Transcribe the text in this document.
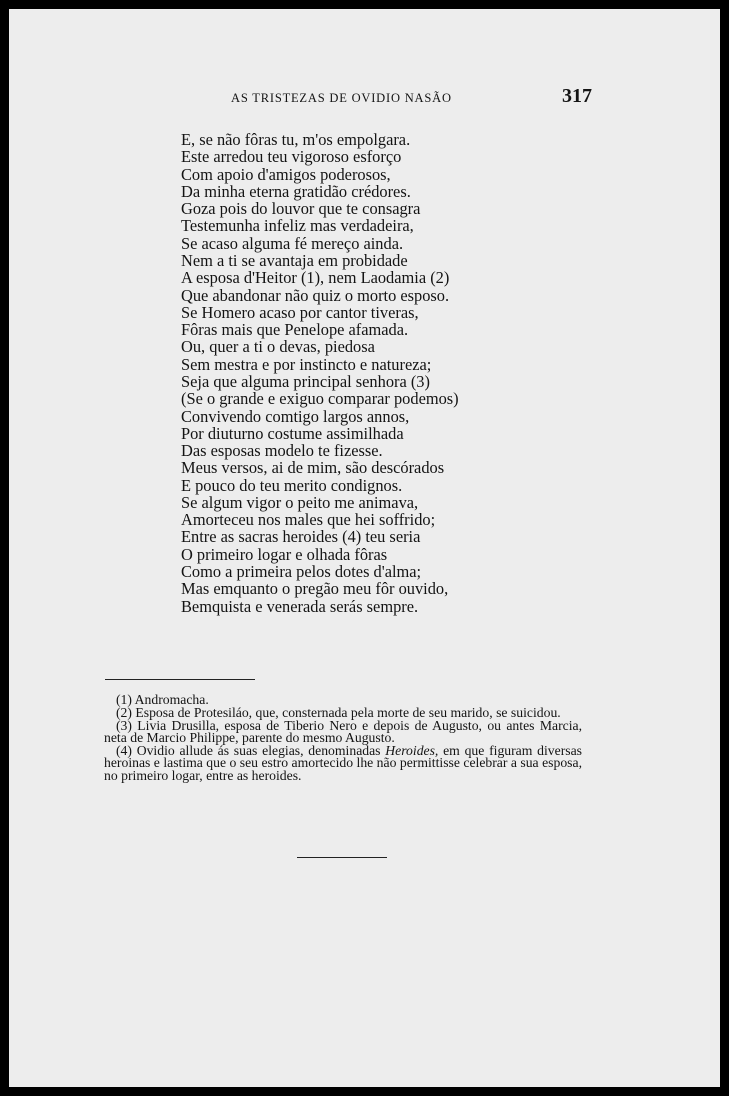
AS TRISTEZAS DE OVIDIO NASÃO	317
E, se não fôras tu, m'os empolgara.
Este arredou teu vigoroso esforço
Com apoio d'amigos poderosos,
Da minha eterna gratidão crédores.
Goza pois do louvor que te consagra
Testemunha infeliz mas verdadeira,
Se acaso alguma fé mereço ainda.
Nem a ti se avantaja em probidade
A esposa d'Heitor (1), nem Laodamia (2)
Que abandonar não quiz o morto esposo.
Se Homero acaso por cantor tiveras,
Fôras mais que Penelope afamada.
Ou, quer a ti o devas, piedosa
Sem mestra e por instincto e natureza;
Seja que alguma principal senhora (3)
(Se o grande e exiguo comparar podemos)
Convivendo comtigo largos annos,
Por diuturno costume assimilhada
Das esposas modelo te fizesse.
Meus versos, ai de mim, são descórados
E pouco do teu merito condignos.
Se algum vigor o peito me animava,
Amorteceu nos males que hei soffrido;
Entre as sacras heroides (4) teu seria
O primeiro logar e olhada fôras
Como a primeira pelos dotes d'alma;
Mas emquanto o pregão meu fôr ouvido,
Bemquista e venerada serás sempre.

(1) Andromacha.

(2) Esposa de Protesiláo, que, consternada pela morte de seu marido, se suicidou.

(3) Livia Drusilla, esposa de Tiberio Nero e depois de Augusto, ou antes Marcia, neta de Marcio Philippe, parente do mesmo Augusto.

(4) Ovidio allude ás suas elegias, denominadas Heroides, em que figuram diversas heroinas e lastima que o seu estro amortecido lhe não permittisse celebrar a sua esposa, no primeiro logar, entre as heroides.
